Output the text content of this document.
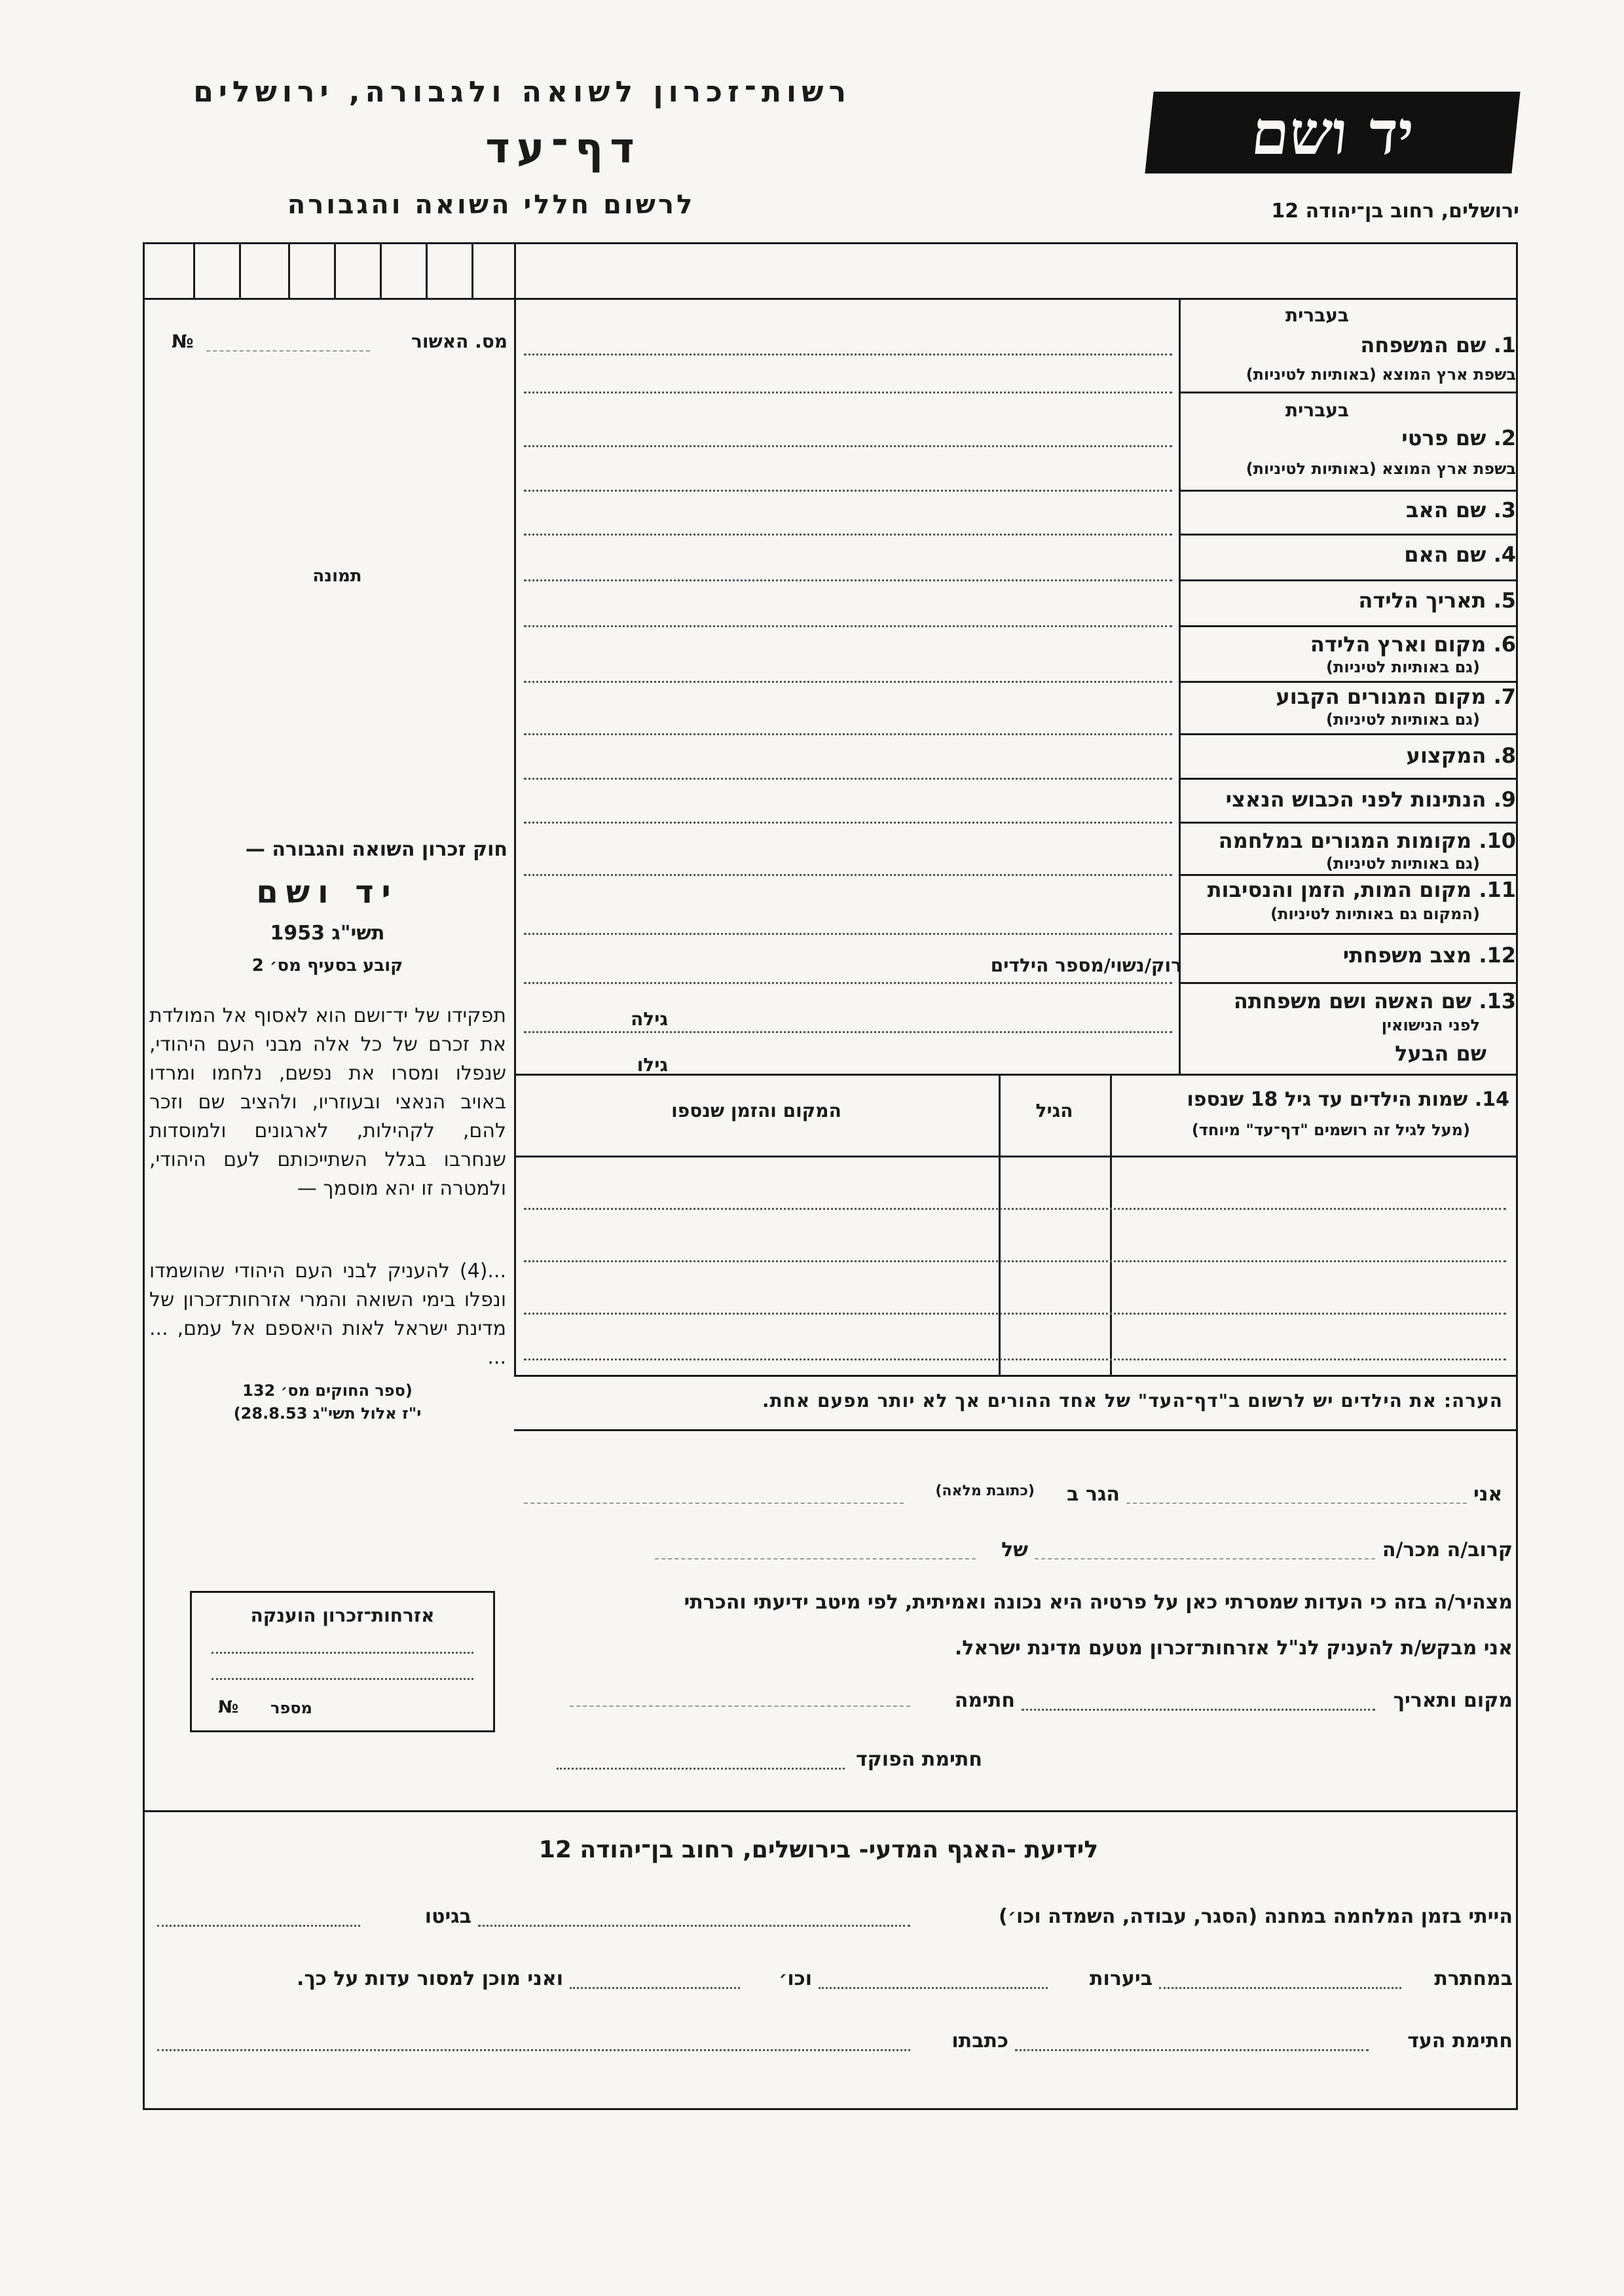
רשות־זכרון לשואה ולגבורה, ירושלים
יד ושם
ירושלים, רחוב בן־יהודה 12
דף־עד
לרשום חללי השואה והגבורה
№	מס. האשור
תמונה
חוק זכרון השואה והגבורה —
יד ושם
תשי"ג 1953
קובע בסעיף מס׳ 2
תפקידו של יד־ושם הוא לאסוף אל המולדת את זכרם של כל אלה מבני העם היהודי, שנפלו ומסרו את נפשם, נלחמו ומרדו באויב הנאצי ובעוזריו, ולהציב שם וזכר להם, לקהילות, לארגונים ולמוסדות שנחרבו בגלל השתייכותם לעם היהודי, ולמטרה זו יהא מוסמך —
...(4) להעניק לבני העם היהודי שהושמדו ונפלו בימי השואה והמרי אזרחות־זכרון של מדינת ישראל לאות היאספם אל עמם, ... ...
(ספר החוקים מס׳ 132
י"ז אלול תשי"ג 28.8.53)
אזרחות־זכרון הוענקה
№ מספר
בעברית
1. שם המשפחה
בשפת ארץ המוצא (באותיות לטיניות)
בעברית
2. שם פרטי
בשפת ארץ המוצא (באותיות לטיניות)
3. שם האב
4. שם האם
5. תאריך הלידה
6. מקום וארץ הלידה
(גם באותיות לטיניות)
7. מקום המגורים הקבוע
(גם באותיות לטיניות)
8. המקצוע
9. הנתינות לפני הכבוש הנאצי
10. מקומות המגורים במלחמה
(גם באותיות לטיניות)
11. מקום המות, הזמן והנסיבות
(המקום גם באותיות לטיניות)
12. מצב משפחתי
13. שם האשה ושם משפחתה
לפני הנישואין
שם הבעל
רוק/נשוי/מספר הילדים
גילה
גילו
14. שמות הילדים עד גיל 18 שנספו
(מעל לגיל זה רושמים "דף־עד" מיוחד)
הגיל
המקום והזמן שנספו
הערה: את הילדים יש לרשום ב"דף־העד" של אחד ההורים אך לא יותר מפעם אחת.
אני
הגר ב
(כתובת מלאה)
קרוב/ה מכר/ה
של
מצהיר/ה בזה כי העדות שמסרתי כאן על פרטיה היא נכונה ואמיתית, לפי מיטב ידיעתי והכרתי
אני מבקש/ת להעניק לנ"ל אזרחות־זכרון מטעם מדינת ישראל.
מקום ותאריך
חתימה
חתימת הפוקד
לידיעת -האגף המדעי- בירושלים, רחוב בן־יהודה 12
הייתי בזמן המלחמה במחנה (הסגר, עבודה, השמדה וכו׳)
בגיטו
במחתרת
ביערות
וכו׳
ואני מוכן למסור עדות על כך.
חתימת העד
כתבתו
